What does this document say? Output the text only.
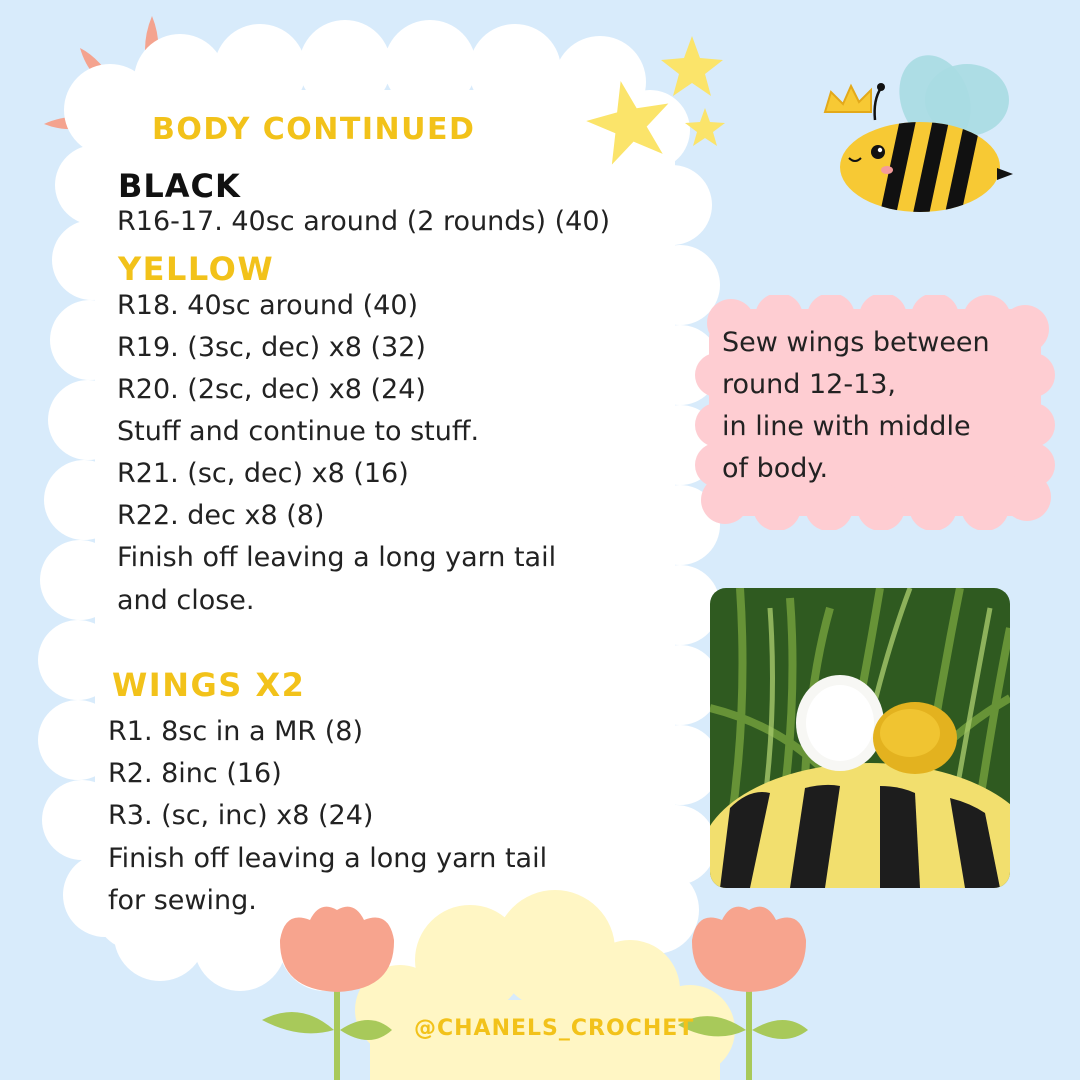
BODY CONTINUED
BLACK
R16-17. 40sc around (2 rounds) (40)
YELLOW
R18. 40sc around (40)
R19. (3sc, dec) x8 (32)
R20. (2sc, dec) x8 (24)
Stuff and continue to stuff.
R21. (sc, dec) x8 (16)
R22. dec x8 (8)
Finish off leaving a long yarn tail
and close.
WINGS X2
R1. 8sc in a MR (8)
R2. 8inc (16)
R3. (sc, inc) x8 (24)
Finish off leaving a long yarn tail
for sewing.
Sew wings between
round 12-13,
in line with middle
of body.
@CHANELS_CROCHET
